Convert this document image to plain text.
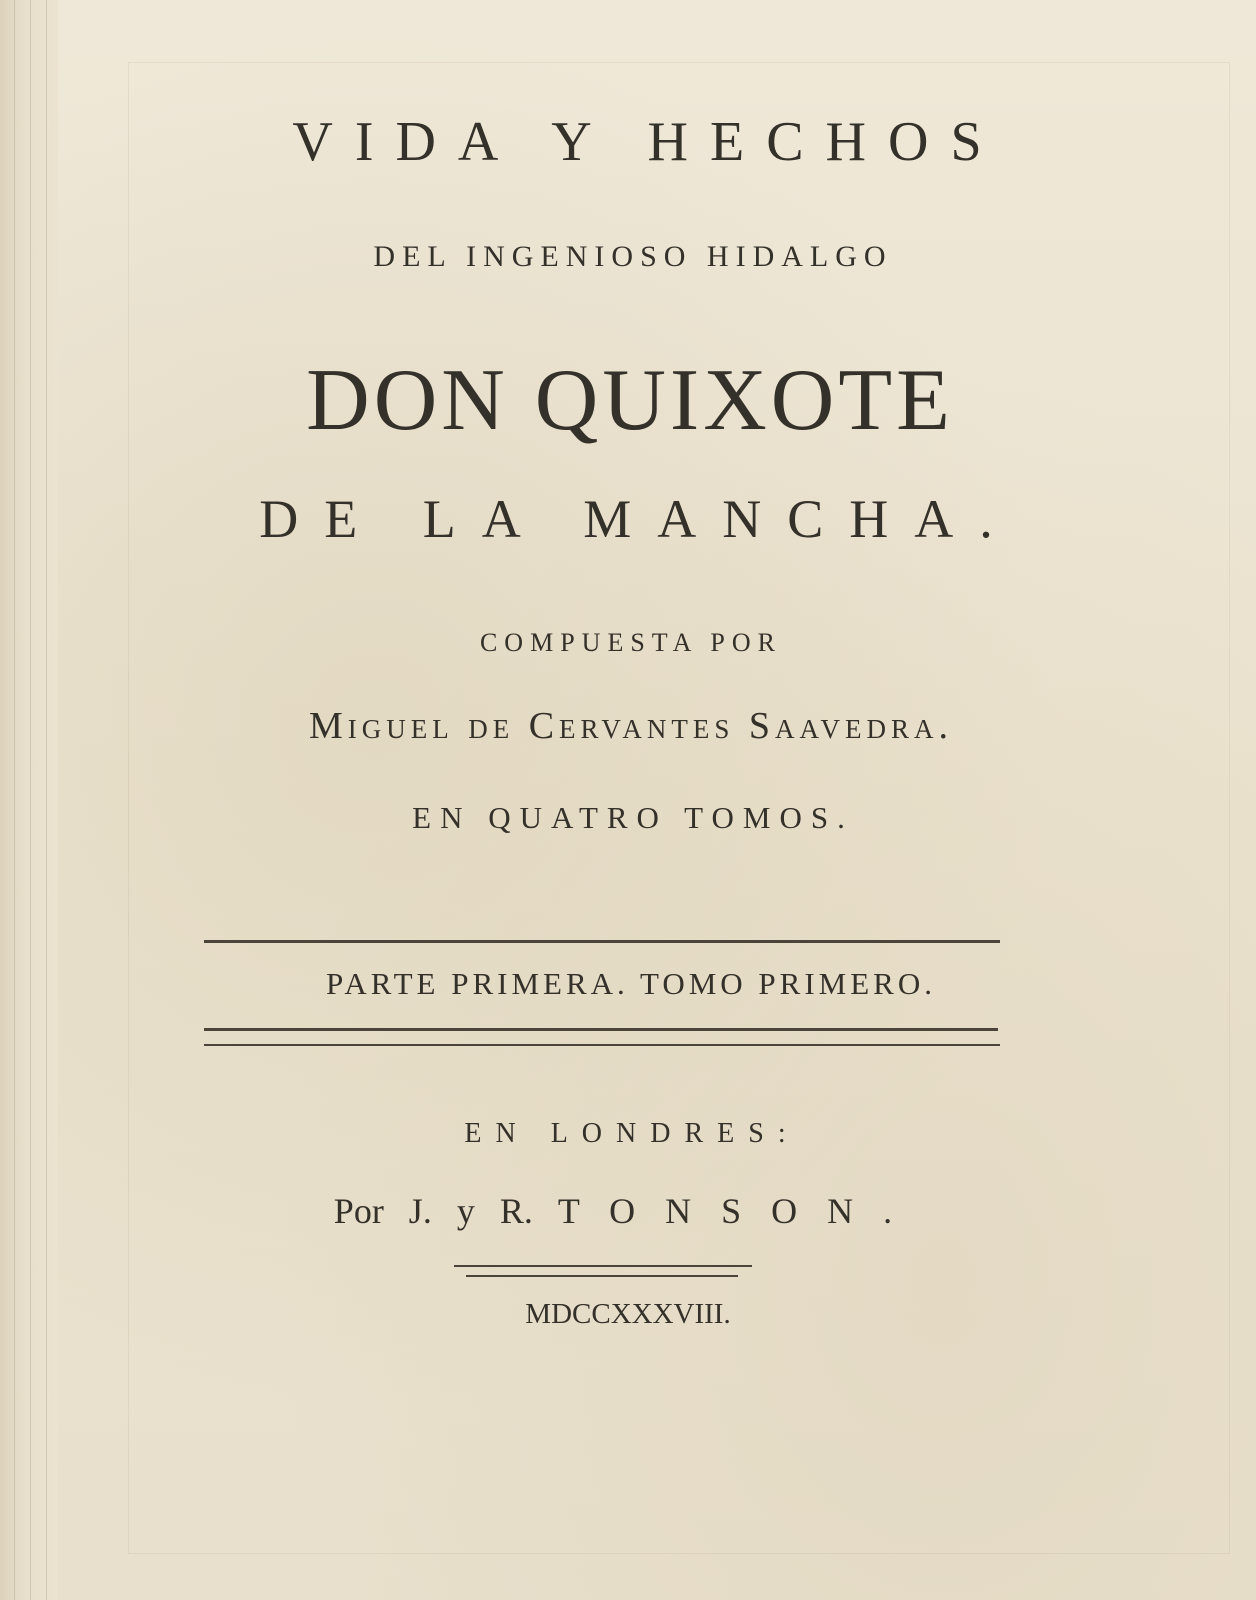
VIDA Y HECHOS
DEL INGENIOSO HIDALGO
DON QUIXOTE
DE LA MANCHA.
COMPUESTA POR
Miguel de Cervantes Saavedra.
EN QUATRO TOMOS.
PARTE PRIMERA. TOMO PRIMERO.
EN LONDRES:
Por J. y R. TONSON.
MDCCXXXVIII.
